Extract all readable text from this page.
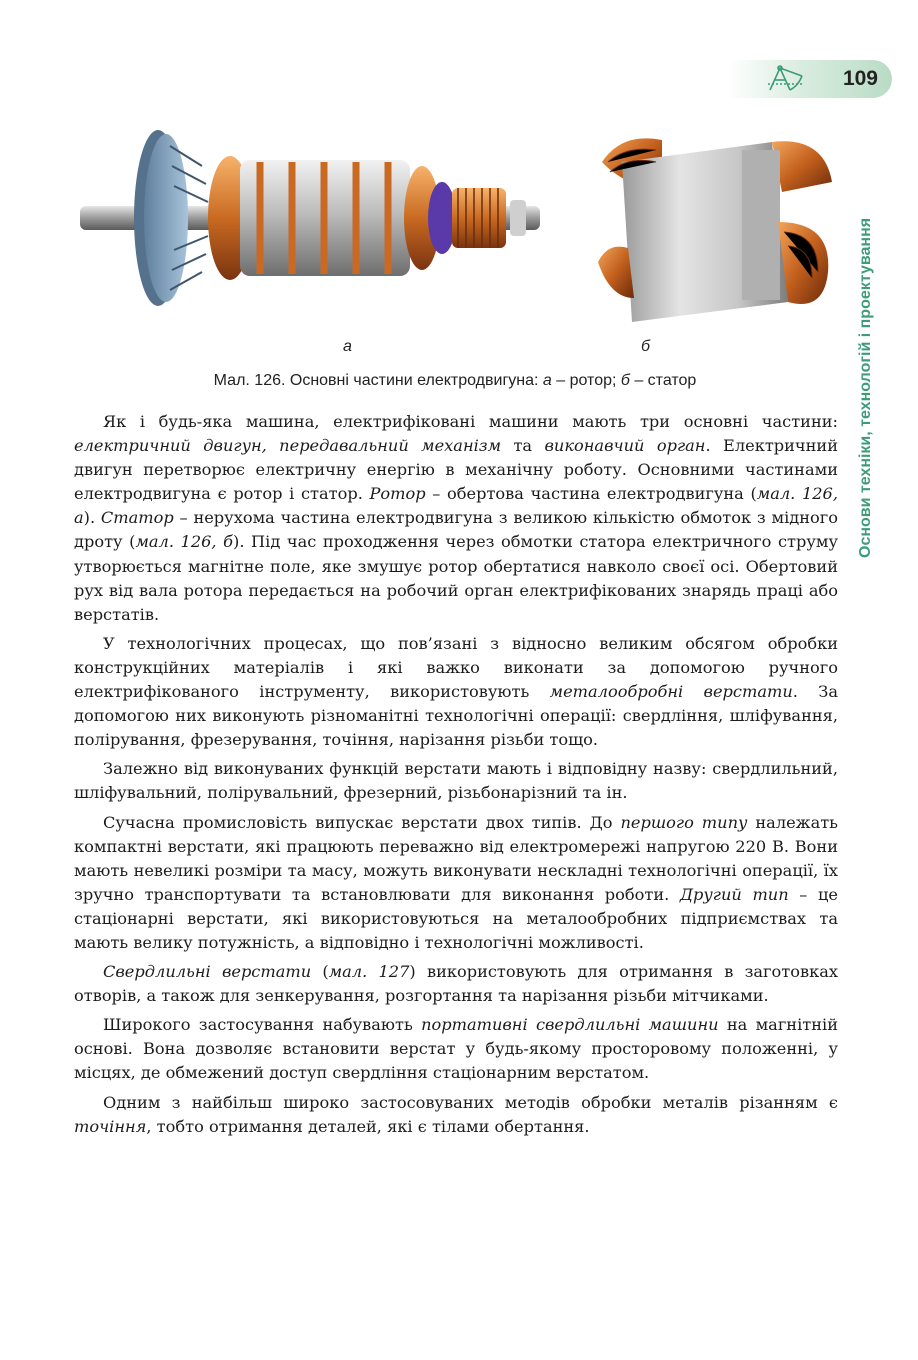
109
Основи техніки, технологій і проектування
а	б
Мал. 126. Основні частини електродвигуна: а – ротор; б – статор

Як і будь-яка машина, електрифіковані машини мають три основні частини: електричний двигун, передавальний механізм та виконавчий орган. Електричний двигун перетворює електричну енергію в механічну роботу. Основними частинами електродвигуна є ротор і статор. Ротор – обертова частина електродвигуна (мал. 126, а). Статор – нерухома частина електродвигуна з великою кількістю обмоток з мідного дроту (мал. 126, б). Під час проходження через обмотки статора електричного струму утворюється магнітне поле, яке змушує ротор обертатися навколо своєї осі. Обертовий рух від вала ротора передається на робочий орган електрифікованих знарядь праці або верстатів.

У технологічних процесах, що пов’язані з відносно великим обсягом обробки конструкційних матеріалів і які важко виконати за допомогою ручного електрифікованого інструменту, використовують металообробні верстати. За допомогою них виконують різноманітні технологічні операції: свердління, шліфування, полірування, фрезерування, точіння, нарізання різьби тощо.

Залежно від виконуваних функцій верстати мають і відповідну назву: свердлильний, шліфувальний, полірувальний, фрезерний, різьбонарізний та ін.

Сучасна промисловість випускає верстати двох типів. До першого типу належать компактні верстати, які працюють переважно від електромережі напругою 220 В. Вони мають невеликі розміри та масу, можуть виконувати нескладні технологічні операції, їх зручно транспортувати та встановлювати для виконання роботи. Другий тип – це стаціонарні верстати, які використовуються на металообробних підприємствах та мають велику потужність, а відповідно і технологічні можливості.

Свердлильні верстати (мал. 127) використовують для отримання в заготовках отворів, а також для зенкерування, розгортання та нарізання різьби мітчиками.

Широкого застосування набувають портативні свердлильні машини на магнітній основі. Вона дозволяє встановити верстат у будь-якому просторовому положенні, у місцях, де обмежений доступ свердління стаціонарним верстатом.

Одним з найбільш широко застосовуваних методів обробки металів різанням є точіння, тобто отримання деталей, які є тілами обертання.
